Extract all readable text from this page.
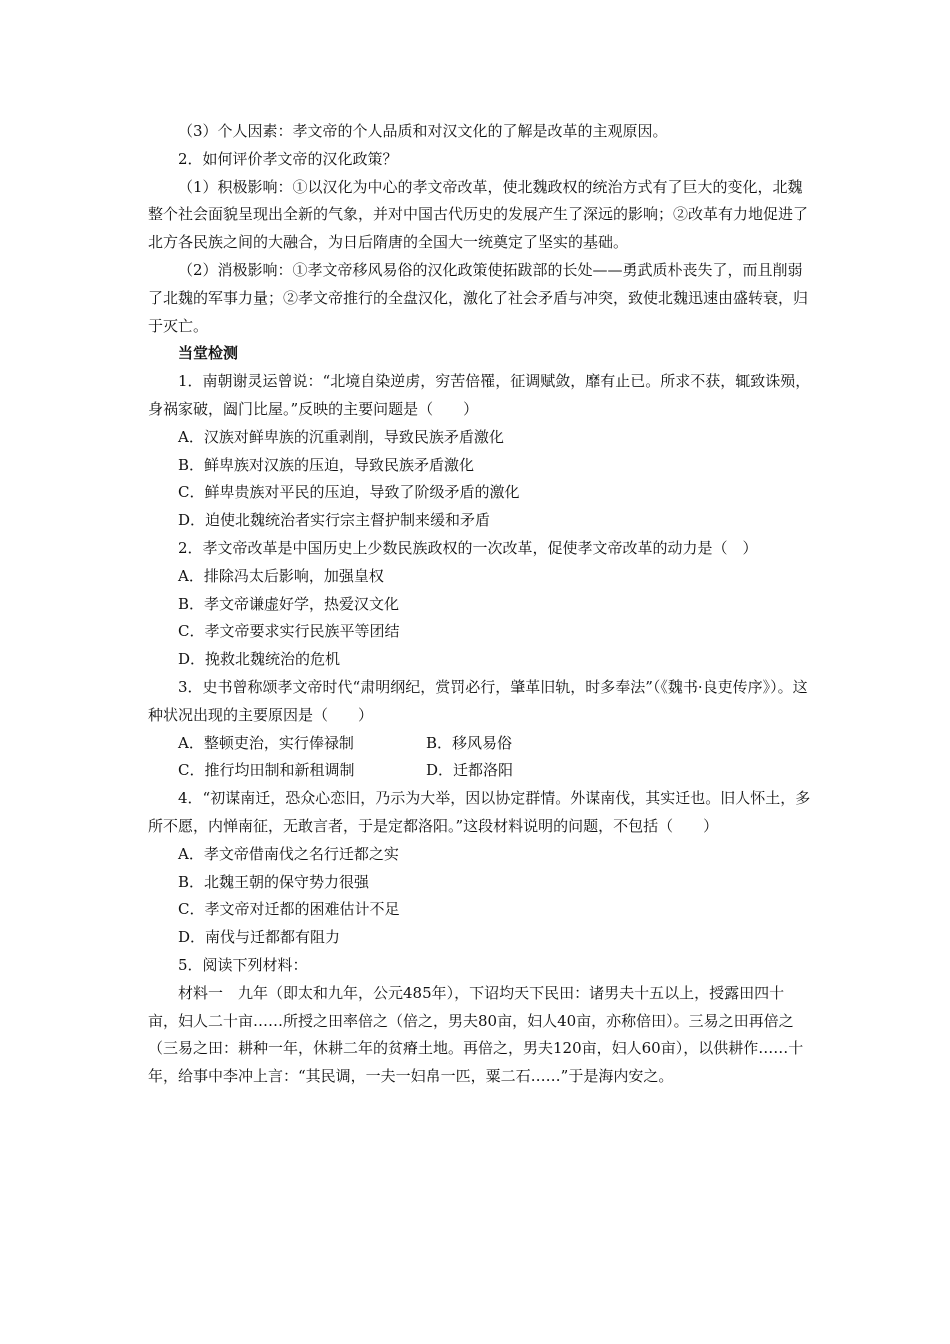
（3）个人因素：孝文帝的个人品质和对汉文化的了解是改革的主观原因。
2．如何评价孝文帝的汉化政策？
（1）积极影响：①以汉化为中心的孝文帝改革，使北魏政权的统治方式有了巨大的变化，北魏整个社会面貌呈现出全新的气象，并对中国古代历史的发展产生了深远的影响；②改革有力地促进了北方各民族之间的大融合，为日后隋唐的全国大一统奠定了坚实的基础。
（2）消极影响：①孝文帝移风易俗的汉化政策使拓跋部的长处——勇武质朴丧失了，而且削弱了北魏的军事力量；②孝文帝推行的全盘汉化，激化了社会矛盾与冲突，致使北魏迅速由盛转衰，归于灭亡。
当堂检测
1．南朝谢灵运曾说：“北境自染逆虏，穷苦倍罹，征调赋敛，靡有止已。所求不获，辄致诛殒，身祸家破，阖门比屋。”反映的主要问题是（　　）
A．汉族对鲜卑族的沉重剥削，导致民族矛盾激化
B．鲜卑族对汉族的压迫，导致民族矛盾激化
C．鲜卑贵族对平民的压迫，导致了阶级矛盾的激化
D．迫使北魏统治者实行宗主督护制来缓和矛盾
2．孝文帝改革是中国历史上少数民族政权的一次改革，促使孝文帝改革的动力是（　）
A．排除冯太后影响，加强皇权
B．孝文帝谦虚好学，热爱汉文化
C．孝文帝要求实行民族平等团结
D．挽救北魏统治的危机
3．史书曾称颂孝文帝时代“肃明纲纪，赏罚必行，肇革旧轨，时多奉法”（《魏书·良吏传序》）。这种状况出现的主要原因是（　　）
A．整顿吏治，实行俸禄制	B．移风易俗
C．推行均田制和新租调制	D．迁都洛阳
4．“初谋南迁，恐众心恋旧，乃示为大举，因以协定群情。外谋南伐，其实迁也。旧人怀土，多所不愿，内惮南征，无敢言者，于是定都洛阳。”这段材料说明的问题，不包括（　　）
A．孝文帝借南伐之名行迁都之实
B．北魏王朝的保守势力很强
C．孝文帝对迁都的困难估计不足
D．南伐与迁都都有阻力
5．阅读下列材料：
材料一　九年（即太和九年，公元485年），下诏均天下民田：诸男夫十五以上，授露田四十亩，妇人二十亩……所授之田率倍之（倍之，男夫80亩，妇人40亩，亦称倍田）。三易之田再倍之（三易之田：耕种一年，休耕二年的贫瘠土地。再倍之，男夫120亩，妇人60亩），以供耕作……十年，给事中李冲上言：“其民调，一夫一妇帛一匹，粟二石……”于是海内安之。
